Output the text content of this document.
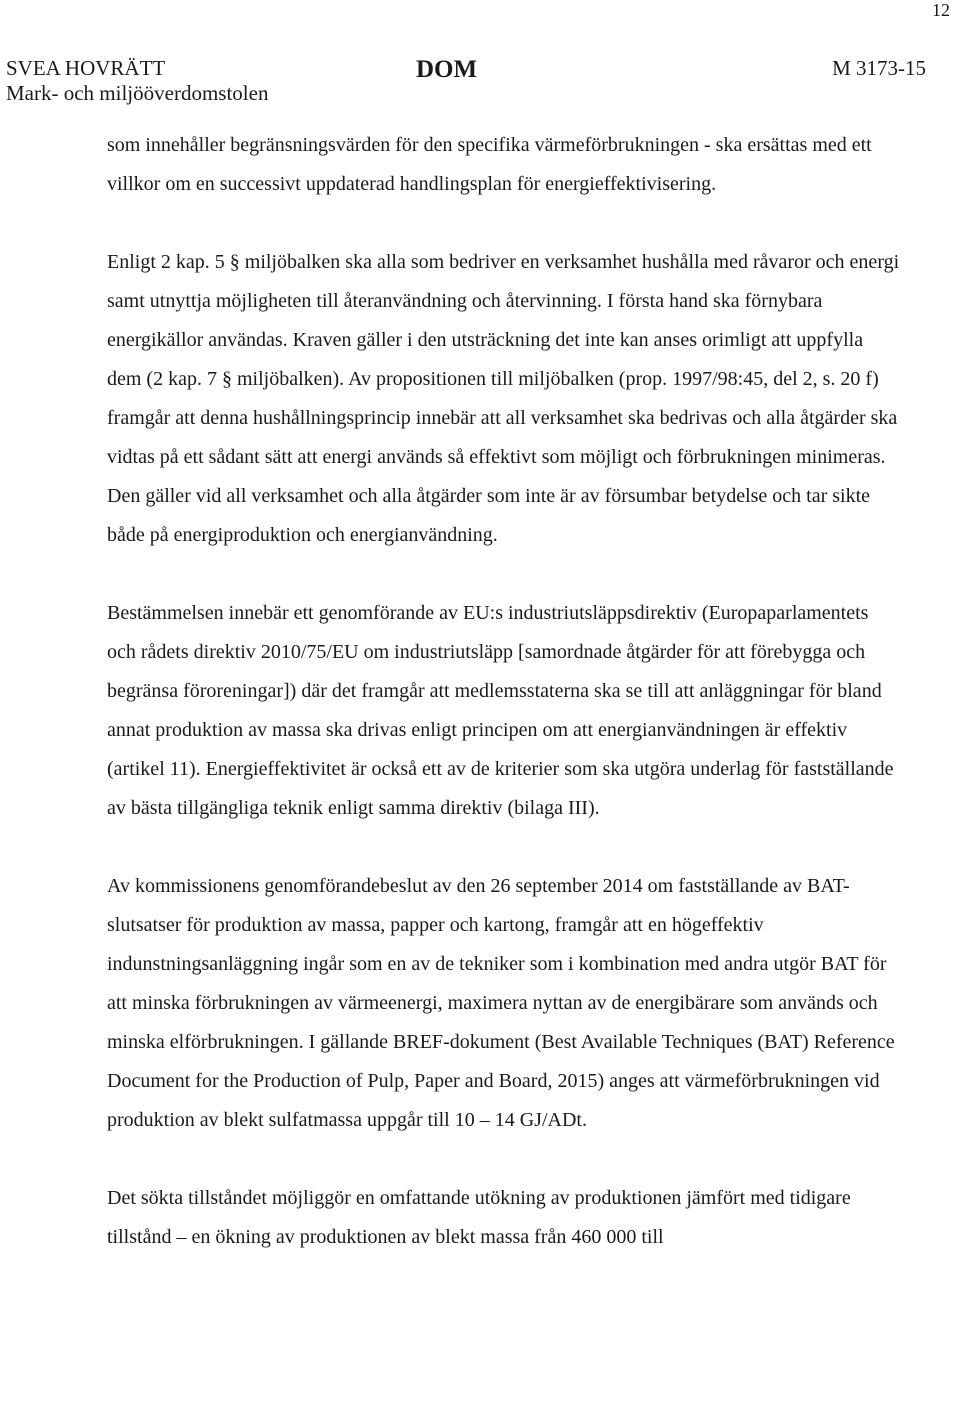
12
SVEA HOVRÄTT
Mark- och miljööverdomstolen
DOM	M 3173-15

som innehåller begränsningsvärden för den specifika värmeförbrukningen - ska ersättas med ett villkor om en successivt uppdaterad handlingsplan för energieffektivisering.

Enligt 2 kap. 5 § miljöbalken ska alla som bedriver en verksamhet hushålla med råvaror och energi samt utnyttja möjligheten till återanvändning och återvinning. I första hand ska förnybara energikällor användas. Kraven gäller i den utsträckning det inte kan anses orimligt att uppfylla dem (2 kap. 7 § miljöbalken). Av propositionen till miljöbalken (prop. 1997/98:45, del 2, s. 20 f) framgår att denna hushållningsprincip innebär att all verksamhet ska bedrivas och alla åtgärder ska vidtas på ett sådant sätt att energi används så effektivt som möjligt och förbrukningen minimeras. Den gäller vid all verksamhet och alla åtgärder som inte är av försumbar betydelse och tar sikte både på energiproduktion och energianvändning.

Bestämmelsen innebär ett genomförande av EU:s industriutsläppsdirektiv (Europaparlamentets och rådets direktiv 2010/75/EU om industriutsläpp [samordnade åtgärder för att förebygga och begränsa föroreningar]) där det framgår att medlemsstaterna ska se till att anläggningar för bland annat produktion av massa ska drivas enligt principen om att energianvändningen är effektiv (artikel 11). Energieffektivitet är också ett av de kriterier som ska utgöra underlag för fastställande av bästa tillgängliga teknik enligt samma direktiv (bilaga III).

Av kommissionens genomförandebeslut av den 26 september 2014 om fastställande av BAT-slutsatser för produktion av massa, papper och kartong, framgår att en högeffektiv indunstningsanläggning ingår som en av de tekniker som i kombination med andra utgör BAT för att minska förbrukningen av värmeenergi, maximera nyttan av de energibärare som används och minska elförbrukningen. I gällande BREF-dokument (Best Available Techniques (BAT) Reference Document for the Production of Pulp, Paper and Board, 2015) anges att värmeförbrukningen vid produktion av blekt sulfatmassa uppgår till 10 – 14 GJ/ADt.

Det sökta tillståndet möjliggör en omfattande utökning av produktionen jämfört med tidigare tillstånd – en ökning av produktionen av blekt massa från 460 000 till
